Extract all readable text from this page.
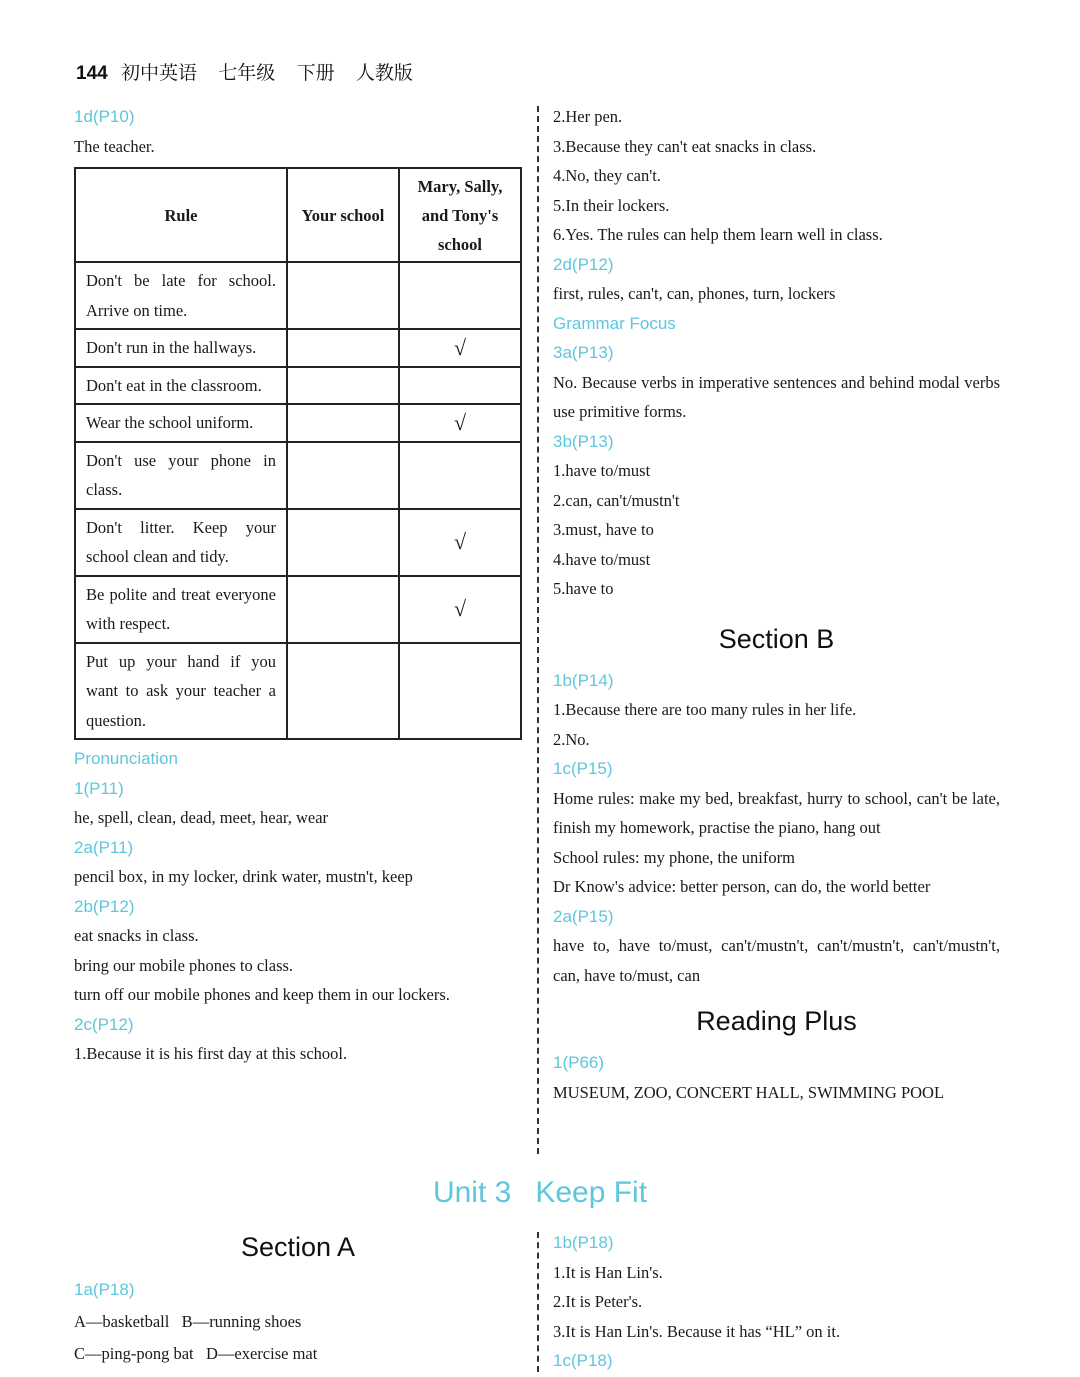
144 初中英语 七年级 下册 人教版
1d(P10)
The teacher.
Rule	Your school	Mary, Sally, and Tony's school
Don't be late for school. Arrive on time.		
Don't run in the hallways.		√
Don't eat in the classroom.		
Wear the school uniform.		√
Don't use your phone in class.		
Don't litter. Keep your school clean and tidy.		√
Be polite and treat everyone with respect.		√
Put up your hand if you want to ask your teacher a question.		
Pronunciation
1(P11)
he, spell, clean, dead, meet, hear, wear
2a(P11)
pencil box, in my locker, drink water, mustn't, keep
2b(P12)
eat snacks in class.
bring our mobile phones to class.
turn off our mobile phones and keep them in our lockers.
2c(P12)
1.Because it is his first day at this school.
2.Her pen.
3.Because they can't eat snacks in class.
4.No, they can't.
5.In their lockers.
6.Yes. The rules can help them learn well in class.
2d(P12)
first, rules, can't, can, phones, turn, lockers
Grammar Focus
3a(P13)
No. Because verbs in imperative sentences and behind modal verbs use primitive forms.
3b(P13)
1.have to/must
2.can, can't/mustn't
3.must, have to
4.have to/must
5.have to
Section B
1b(P14)
1.Because there are too many rules in her life.
2.No.
1c(P15)
Home rules: make my bed, breakfast, hurry to school, can't be late, finish my homework, practise the piano, hang out
School rules: my phone, the uniform
Dr Know's advice: better person, can do, the world better
2a(P15)
have to, have to/must, can't/mustn't, can't/mustn't, can't/mustn't, can, have to/must, can
Reading Plus
1(P66)
MUSEUM, ZOO, CONCERT HALL, SWIMMING POOL
Unit 3 Keep Fit
Section A
1a(P18)
A—basketball   B—running shoes
C—ping-pong bat   D—exercise mat
1b(P18)
1.It is Han Lin's.
2.It is Peter's.
3.It is Han Lin's. Because it has “HL” on it.
1c(P18)
